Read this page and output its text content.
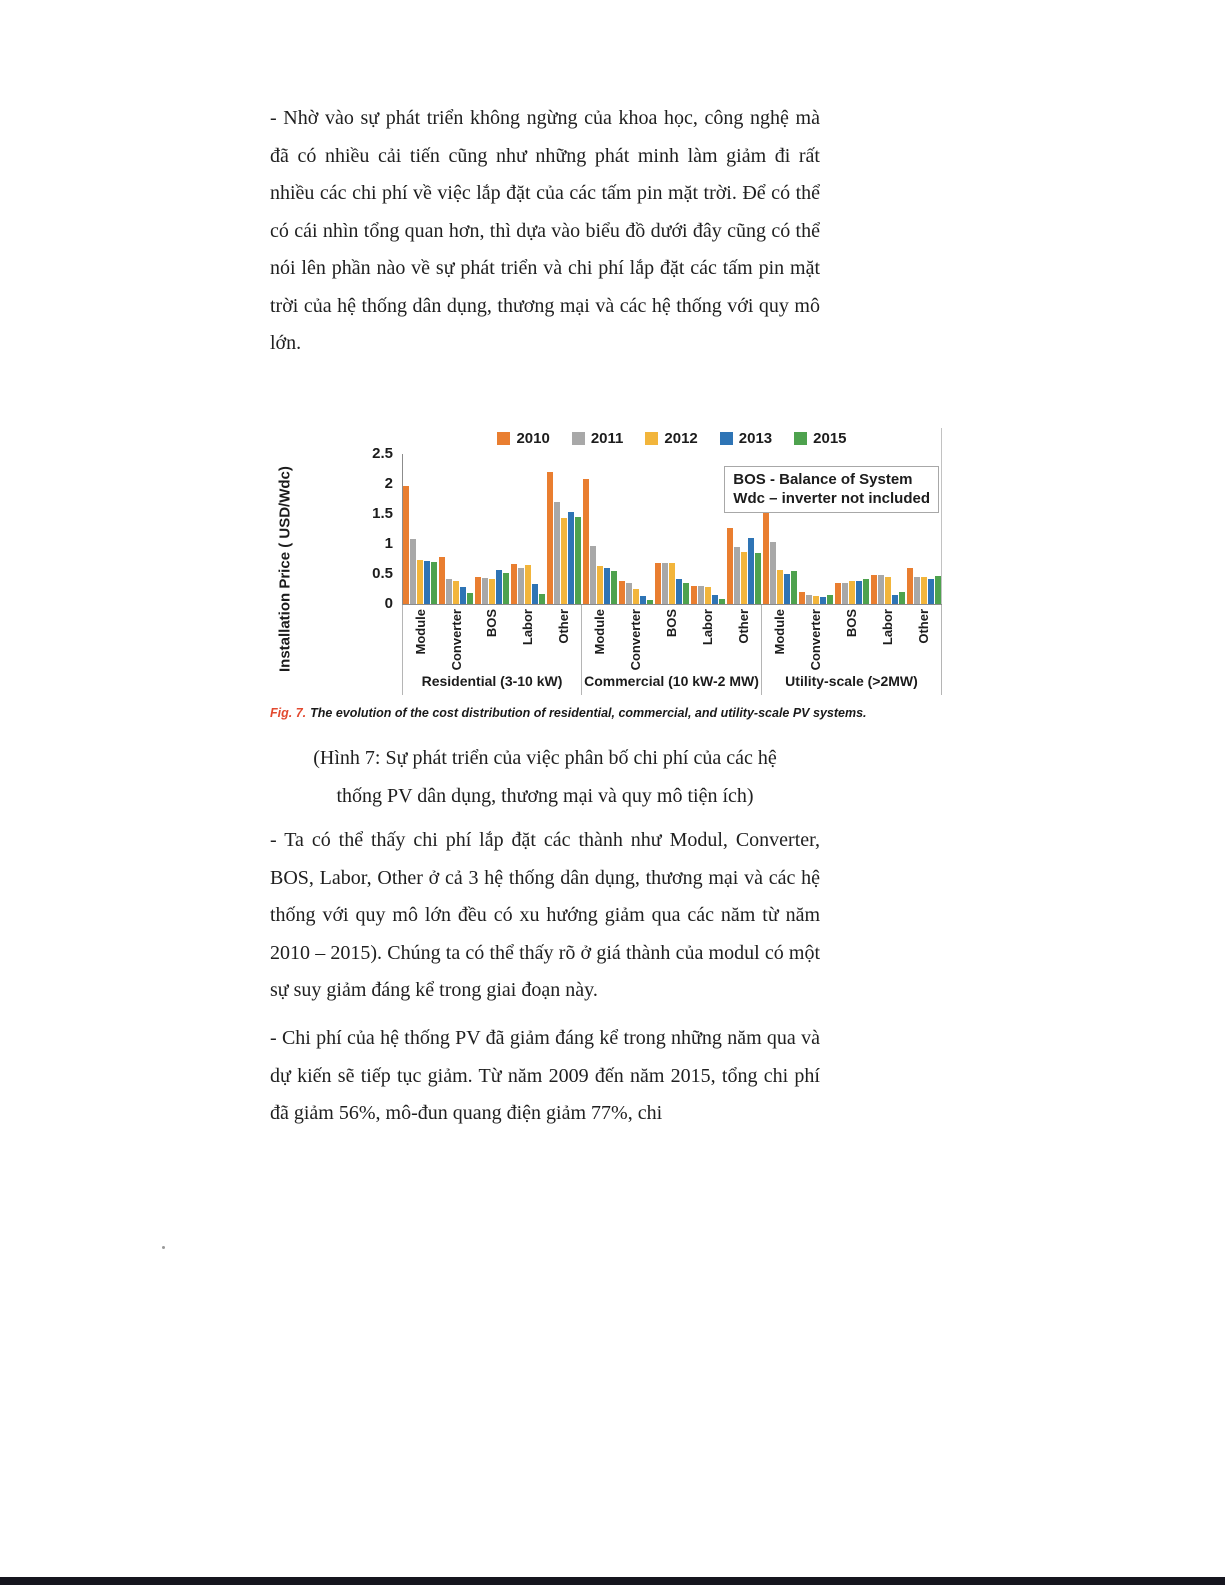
- Nhờ vào sự phát triển không ngừng của khoa học, công nghệ mà đã có nhiều cải tiến cũng như những phát minh làm giảm đi rất nhiều các chi phí về việc lắp đặt của các tấm pin mặt trời. Để có thể có cái nhìn tổng quan hơn, thì dựa vào biểu đồ dưới đây cũng có thể nói lên phần nào về sự phát triển và chi phí lắp đặt các tấm pin mặt trời của hệ thống dân dụng, thương mại và các hệ thống với quy mô lớn.
2010	2011	2012	2013	2015
Installation Price ( USD/Wdc)	0
0.5
1
1.5
2
2.5
Module Converter BOS Labor Other
Residential (3-10 kW)
Module Converter BOS Labor Other
Commercial (10 kW-2 MW)
Module Converter BOS Labor Other
Utility-scale (>2MW)
BOS - Balance of System
Wdc – inverter not included
Fig. 7. The evolution of the cost distribution of residential, commercial, and utility-scale PV systems.
(Hình 7: Sự phát triển của việc phân bố chi phí của các hệ
thống PV dân dụng, thương mại và quy mô tiện ích)
- Ta có thể thấy chi phí lắp đặt các thành như Modul, Converter, BOS, Labor, Other ở cả 3 hệ thống dân dụng, thương mại và các hệ thống với quy mô lớn đều có xu hướng giảm qua các năm từ năm 2010 – 2015). Chúng ta có thể thấy rõ ở giá thành của modul có một sự suy giảm đáng kể trong giai đoạn này.
- Chi phí của hệ thống PV đã giảm đáng kể trong những năm qua và dự kiến sẽ tiếp tục giảm. Từ năm 2009 đến năm 2015, tổng chi phí đã giảm 56%, mô-đun quang điện giảm 77%, chi
